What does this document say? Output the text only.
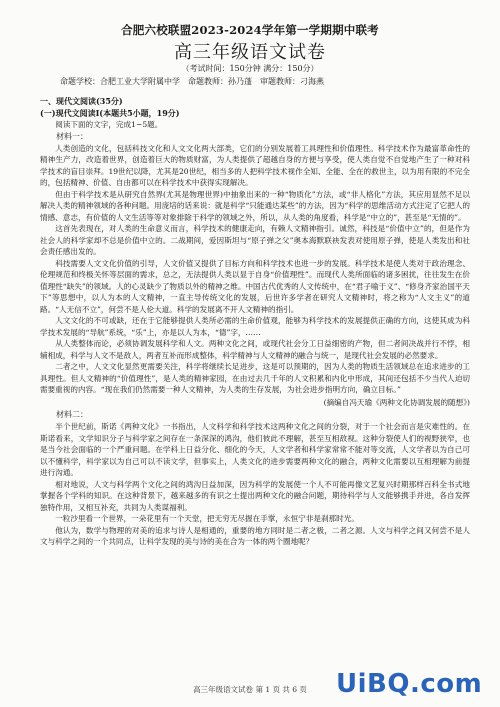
合肥六校联盟2023-2024学年第一学期期中联考
高三年级语文试卷
（考试时间：150分钟 满分：150分）
命题学校：合肥工业大学附属中学 命题教师：孙乃蓬 审题教师：刁海燕
一、现代文阅读(35分)
(一)现代文阅读Ⅰ(本题共5小题，19分)

阅读下面的文字，完成1~5题。

材料一：

人类创造的文化，包括科技文化和人文文化两大部类，它们的分别发展着工具理性和价值理性。科学技术作为最富革命性的精神生产力，改造着世界，创造着巨大的物质财富，为人类提供了超越自身的方便与享受，使人类自觉不自觉地产生了一种对科学技术的盲目崇拜。19世纪以降，尤其是20世纪，相当多的人把科学技术视作全知、全能、全在的救世主，以为用有限的不完全的，包括精神、价值、自由都可以在科学技术中获得实现解决。

但由于科学技术是从研究自然界(尤其是物理世界)中抽象出来的一种“物质化”方法，或“非人格化”方法，其应用显然不足以解决人类的精神领域的各种问题。用庞培的话来说：就是科学“只能通达某些”的方法，因为“科学的思维活动方式注定了它把人的情感、意志，有价值的人文生活等等对象排除于科学的领域之外，所以，从人类的角度看，科学是“中立的”，甚至是“无情的”。

这首先表现在，对人类的生命意义而言，科学技术的健康走向，有赖人文精神指引。诚然，科技是“价值中立”的，但是作为社会人的科学家却不总是价值中立的。二战期间，爱因斯坦与“原子弹之父”奥本海默联袂发表对使用原子弹，使是人类发出和社会责任感出发的。

科技需要人文文化价值的引导，人文价值又提供了目标方向和科学技术也进一步的发展。科学技术是使人类对于政治理念、伦理规范和终极关怀等层面的需求，总之，无法提供人类以显于自身“价值理性”。而现代人类所面临的诸多困扰，往往发生在价值理性“缺失”的领域。人的心灵缺少了物质以外的精神之维。中国古代优秀的人文传统中，在“君子喻于义”、“修身齐家治国平天下”等思想中，以人为本的人文精神，一直主导传统文化的发展，后世许多学者在研究人文精神时，将之称为“人文主义”的道路。“人无信不立”，何尝不是人伦大道。科学的发展离不开人文精神的指引。

人文文化的不可或缺，还在于它能够提供人类所必需的生命价值观，能够为科学技术的发展提供正确的方向，这使其成为科学技术发展的“导航”系统，“乐”上，亦是以人为本，“德”字，……

从人类整体而论，必须协调发展科学和人文。两种文化之间，或现代社会分工日益细密的产物，但二者间决战并行不悖，相辅相成，科学与人文不是敌人，两者互补而形成整体，科学精神与人文精神的融合与统一，是现代社会发展的必然要求。

二者之中，人文文化显然更需要关注，科学将继续长足进步，这是可以预期的，因为人类的物质生活领域总在追求进步的工具理性。但人文精神的“价值理性”，是人类的精神家园，在由过去几千年的人文积累和内化中形成，其间还包括不少当代人迫切需要重视的内容。“现在我们仍然需要一种人文精神，为人类的生存发展，为社会进步指明方向，确立目标。”

(摘编自冯天瑜《两种文化协调发展的随想》)

材料二：

半个世纪前，斯诺《两种文化》一书指出，人文科学和科学技术这两种文化之间的分裂，对于一个社会而言是灾难性的。在斯诺看来，文学知识分子与科学家之间存在一条深深的鸿沟，他们彼此不理解，甚至互相敌视。这种分裂使人们的视野狭窄，也是当今社会面临的一个严重问题。在学科上日益分化、细化的今天，人文学者和科学家常常不能对等交流，人文学者以为自己可以不懂科学，科学家以为自己可以不读文学，但事实上，人类文化的进步需要两种文化的融合，两种文化需要以互相理解为前提进行沟通。

相对地说，人文与科学两个文化之间的鸿沟日益加深，因为科学的发展使一个人不可能再像文艺复兴时期那样百科全书式地掌握各个学科的知识。在这种背景下，越来越多的有识之士提出两种文化的融合问题，期待科学与人文能够携手并进，各自发挥独特作用，又相互补充，共同为人类谋福利。

一粒沙里看一个世界，一朵花里有一个天堂，把无穷无尽握在手掌，永恒宁非是刹那时光。

他认为，数学与物理的对美的追求与诗人是相通的，重要的地方同时是二者之极，二者之源。人文与科学之间又何尝不是人文与科学之间的一个共同点，让科学发现的美与诗的美在合为一体的两个圈地呢？

高三年级语文试卷 第 1 页 共 6 页	UiBQ.com
